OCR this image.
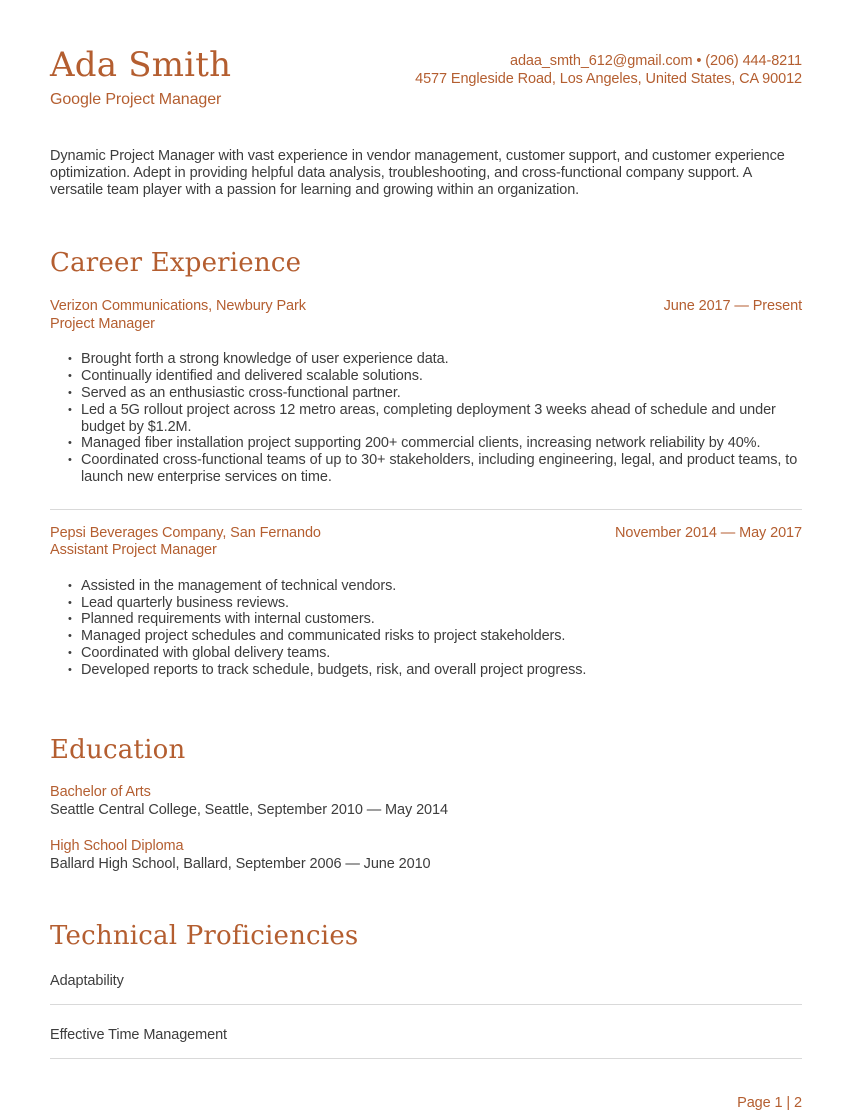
Ada Smith
Google Project Manager
adaa_smth_612@gmail.com • (206) 444-8211
4577 Engleside Road, Los Angeles, United States, CA 90012
Dynamic Project Manager with vast experience in vendor management, customer support, and customer experience optimization. Adept in providing helpful data analysis, troubleshooting, and cross-functional company support. A versatile team player with a passion for learning and growing within an organization.
Career Experience
Verizon Communications, Newbury Park
Project Manager
June 2017 — Present
• Brought forth a strong knowledge of user experience data.
• Continually identified and delivered scalable solutions.
• Served as an enthusiastic cross-functional partner.
• Led a 5G rollout project across 12 metro areas, completing deployment 3 weeks ahead of schedule and under budget by $1.2M.
• Managed fiber installation project supporting 200+ commercial clients, increasing network reliability by 40%.
• Coordinated cross-functional teams of up to 30+ stakeholders, including engineering, legal, and product teams, to launch new enterprise services on time.
Pepsi Beverages Company, San Fernando
Assistant Project Manager
November 2014 — May 2017
• Assisted in the management of technical vendors.
• Lead quarterly business reviews.
• Planned requirements with internal customers.
• Managed project schedules and communicated risks to project stakeholders.
• Coordinated with global delivery teams.
• Developed reports to track schedule, budgets, risk, and overall project progress.
Education
Bachelor of Arts
Seattle Central College, Seattle, September 2010 — May 2014
High School Diploma
Ballard High School, Ballard, September 2006 — June 2010
Technical Proficiencies
Adaptability
Effective Time Management
Page 1 | 2
